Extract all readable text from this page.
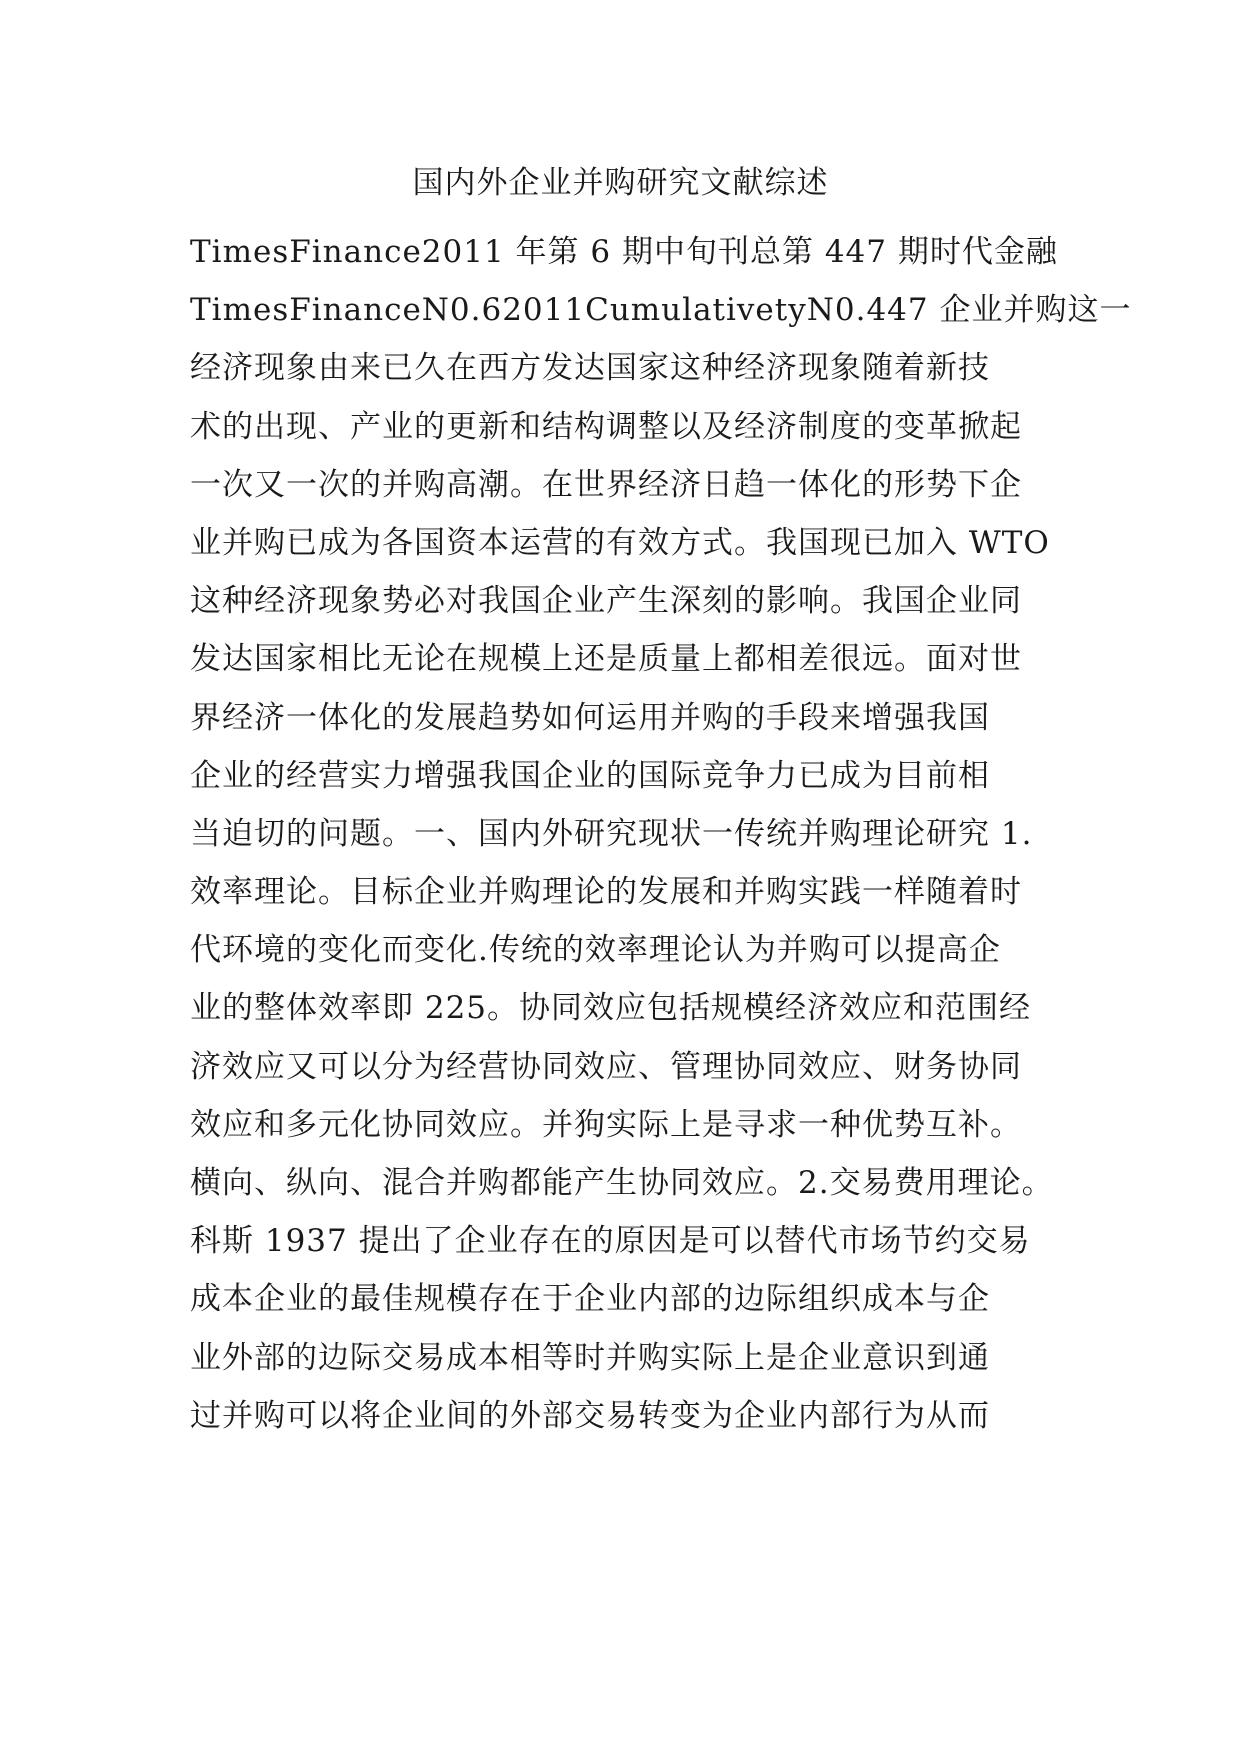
国内外企业并购研究文献综述
TimesFinance2011 年第 6 期中旬刊总第 447 期时代金融
TimesFinanceN0.62011CumulativetyN0.447 企业并购这一
经济现象由来已久在西方发达国家这种经济现象随着新技
术的出现、产业的更新和结构调整以及经济制度的变革掀起
一次又一次的并购高潮。在世界经济日趋一体化的形势下企
业并购已成为各国资本运营的有效方式。我国现已加入 WTO
这种经济现象势必对我国企业产生深刻的影响。我国企业同
发达国家相比无论在规模上还是质量上都相差很远。面对世
界经济一体化的发展趋势如何运用并购的手段来增强我国
企业的经营实力增强我国企业的国际竞争力已成为目前相
当迫切的问题。一、国内外研究现状一传统并购理论研究 1.
效率理论。目标企业并购理论的发展和并购实践一样随着时
代环境的变化而变化.传统的效率理论认为并购可以提高企
业的整体效率即 225。协同效应包括规模经济效应和范围经
济效应又可以分为经营协同效应、管理协同效应、财务协同
效应和多元化协同效应。并狗实际上是寻求一种优势互补。
横向、纵向、混合并购都能产生协同效应。2.交易费用理论。
科斯 1937 提出了企业存在的原因是可以替代市场节约交易
成本企业的最佳规模存在于企业内部的边际组织成本与企
业外部的边际交易成本相等时并购实际上是企业意识到通
过并购可以将企业间的外部交易转变为企业内部行为从而
